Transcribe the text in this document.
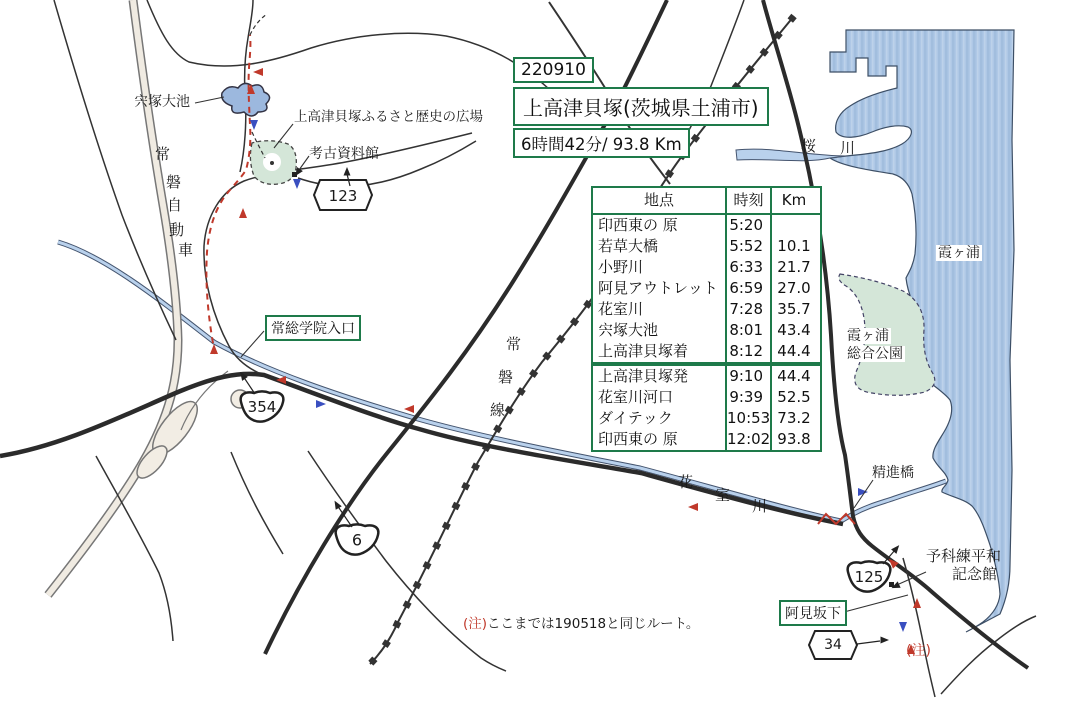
220910
上高津貝塚(茨城県土浦市)
6時間42分/ 93.8 Km
地点	時刻	Km
印西東の 原	5:20
若草大橋	5:52 10.1
小野川	6:33 21.7
阿見アウトレット 6:59 27.0
花室川	7:28 35.7
宍塚大池	8:01 43.4
上高津貝塚着	8:12 44.4
上高津貝塚発	9:10 44.4
花室川河口	9:39 52.5
ダイテック	10:53 73.2
印西東の 原	12:02 93.8
宍塚大池
上高津貝塚ふるさと歴史の広場
考古資料館
常総学院入口
阿見坂下
常
磐
自
動
車
常
磐
線
花
室
川
桜 川
霞ヶ浦
霞ヶ浦
総合公園
精進橋
予科練平和
記念館
(注)
123
354
6
125
34
(注)ここまでは190518と同じルート。
